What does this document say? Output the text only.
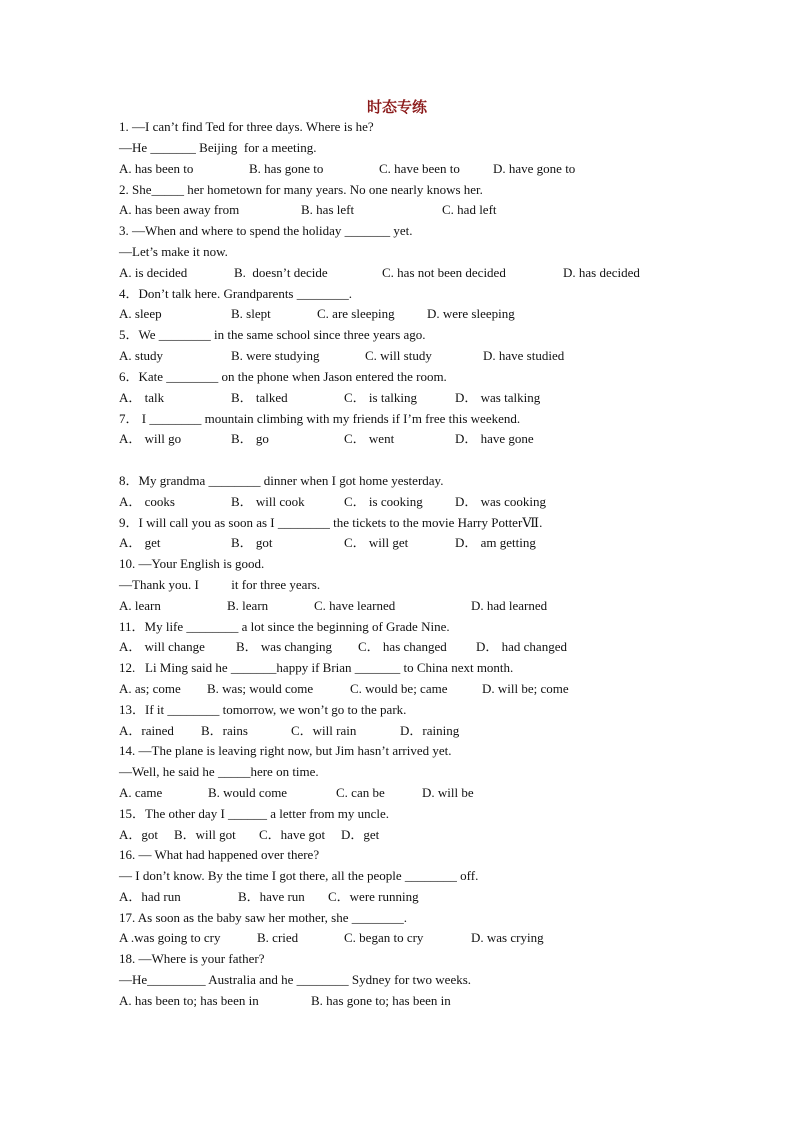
时态专练
1. —I can’t find Ted for three days. Where is he?
—He _______ Beijing  for a meeting.
A. has been to	B. has gone to	C. have been to	D. have gone to
2. She_____ her hometown for many years. No one nearly knows her.
A. has been away from	B. has left	C. had left
3. —When and where to spend the holiday _______ yet.
—Let’s make it now.
A. is decided	B.  doesn’t decide	C. has not been decided	D. has decided
4．Don’t talk here. Grandparents ________.
A. sleep	B. slept	C. are sleeping D. were sleeping
5．We ________ in the same school since three years ago.
A. study	B. were studying	C. will study	D. have studied
6．Kate ________ on the phone when Jason entered the room.
A． talk	B． talked	C． is talking	D． was talking
7． I ________ mountain climbing with my friends if I’m free this weekend.
A． will go	B． go	C． went	D． have gone
8．My grandma ________ dinner when I got home yesterday.
A． cooks	B． will cook	C． is cooking D． was cooking
9．I will call you as soon as I ________ the tickets to the movie Harry PotterⅦ.
A． get	B． got	C． will get	D． am getting
10. —Your English is good.
—Thank you. I          it for three years.
A. learn	B. learn	C. have learned	D. had learned
11．My life ________ a lot since the beginning of Grade Nine.
A． will change B． was changing C． has changed D． had changed
12.   Li Ming said he _______happy if Brian _______ to China next month.
A. as; come B. was; would come	C. would be; came	D. will be; come
13．If it ________ tomorrow, we won’t go to the park.
A．rained B．rains	C．will rain	D．raining
14. —The plane is leaving right now, but Jim hasn’t arrived yet.
—Well, he said he _____here on time.
A. came	B. would come	C. can be	D. will be
15．The other day I ______ a letter from my uncle.
A．got B．will got C．have got D．get
16. — What had happened over there?
— I don’t know. By the time I got there, all the people ________ off.
A．had run	B．have run C．were running
17. As soon as the baby saw her mother, she ________.
A .was going to cry	B. cried	C. began to cry	D. was crying
18. —Where is your father?
—He_________ Australia and he ________ Sydney for two weeks.
A. has been to; has been in	B. has gone to; has been in
